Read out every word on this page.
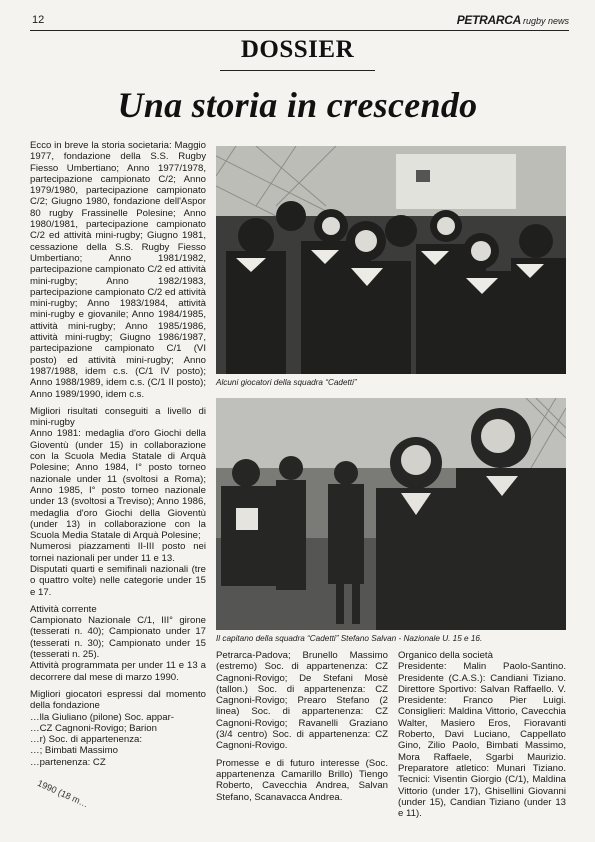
12	PETRARCA rugby news
DOSSIER
Una storia in crescendo

Ecco in breve la storia societaria: Maggio 1977, fondazione della S.S. Rugby Fiesso Umbertiano; Anno 1977/1978, partecipazione campionato C/2; Anno 1979/1980, partecipazione campionato C/2; Giugno 1980, fondazione dell'Aspor 80 rugby Frassinelle Polesine; Anno 1980/1981, partecipazione campionato C/2 ed attività mini-rugby; Giugno 1981, cessazione della S.S. Rugby Fiesso Umbertiano; Anno 1981/1982, partecipazione campionato C/2 ed attività mini-rugby; Anno 1982/1983, partecipazione campionato C/2 ed attività mini-rugby; Anno 1983/1984, attività mini-rugby e giovanile; Anno 1984/1985, attività mini-rugby; Anno 1985/1986, attività mini-rugby; Giugno 1986/1987, partecipazione campionato C/1 (VI posto) ed attività mini-rugby; Anno 1987/1988, idem c.s. (C/1 IV posto); Anno 1988/1989, idem c.s. (C/1 II posto); Anno 1989/1990, idem c.s.

Migliori risultati conseguiti a livello di mini-rugby
Anno 1981: medaglia d'oro Giochi della Gioventù (under 15) in collaborazione con la Scuola Media Statale di Arquà Polesine; Anno 1984, I° posto torneo nazionale under 11 (svoltosi a Roma); Anno 1985, I° posto torneo nazionale under 13 (svoltosi a Treviso); Anno 1986, medaglia d'oro Giochi della Gioventù (under 13) in collaborazione con la Scuola Media Statale di Arquà Polesine;
Numerosi piazzamenti II-III posto nei tornei nazionali per under 11 e 13.
Disputati quarti e semifinali nazionali (tre o quattro volte) nelle categorie under 15 e 17.

Attività corrente
Campionato Nazionale C/1, III° girone (tesserati n. 40); Campionato under 17 (tesserati n. 30); Campionato under 15 (tesserati n. 25).
Attività programmata per under 11 e 13 a decorrere dal mese di marzo 1990.

Migliori giocatori espressi dal momento della fondazione
…lla Giuliano (pilone) Soc. appar-
…CZ Cagnoni-Rovigo; Barion
…r) Soc. di appartenenza:
…; Bimbati Massimo
…partenenza: CZ

1990 (18 m…
Alcuni giocatori della squadra “Cadetti”
Il capitano della squadra “Cadetti” Stefano Salvan - Nazionale U. 15 e 16.

Petrarca-Padova; Brunello Massimo (estremo) Soc. di appartenenza: CZ Cagnoni-Rovigo; De Stefani Mosè (tallon.) Soc. di appartenenza: CZ Cagnoni-Rovigo; Prearo Stefano (2 linea) Soc. di appartenenza: CZ Cagnoni-Rovigo; Ravanelli Graziano (3/4 centro) Soc. di appartenenza: CZ Cagnoni-Rovigo.

Promesse e di futuro interesse (Soc. appartenenza Camarillo Brillo) Tiengo Roberto, Cavecchia Andrea, Salvan Stefano, Scanavacca Andrea.

Organico della società
Presidente: Malin Paolo-Santino. Presidente (C.A.S.): Candiani Tiziano. Direttore Sportivo: Salvan Raffaello. V. Presidente: Franco Pier Luigi. Consiglieri: Maldina Vittorio, Cavecchia Walter, Masiero Eros, Fioravanti Roberto, Davi Luciano, Cappellato Gino, Zilio Paolo, Bimbati Massimo, Mora Raffaele, Sgarbi Maurizio. Preparatore atletico: Munari Tiziano. Tecnici: Visentin Giorgio (C/1), Maldina Vittorio (under 17), Ghisellini Giovanni (under 15), Candian Tiziano (under 13 e 11).
